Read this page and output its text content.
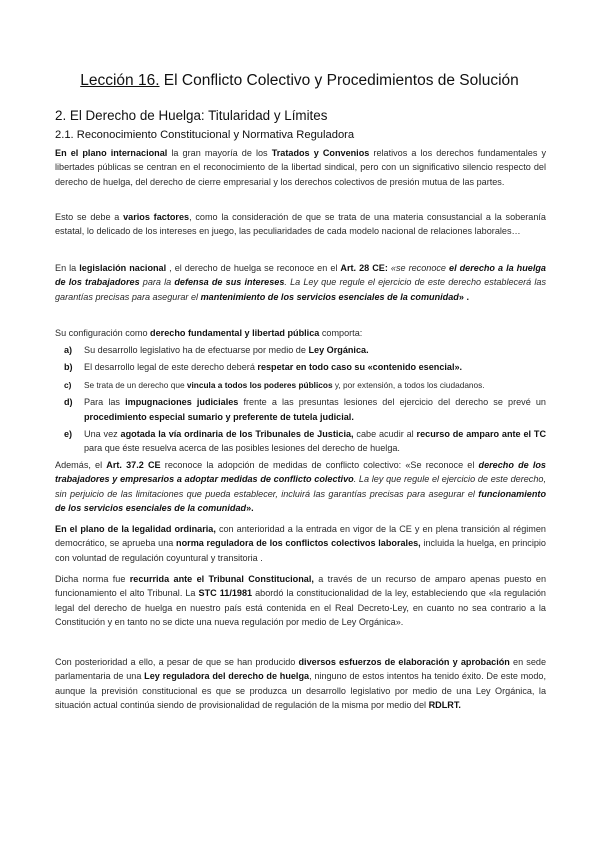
Lección 16. El Conflicto Colectivo y Procedimientos de Solución
2. El Derecho de Huelga: Titularidad y Límites
2.1. Reconocimiento Constitucional y Normativa Reguladora
En el plano internacional la gran mayoría de los Tratados y Convenios relativos a los derechos fundamentales y libertades públicas se centran en el reconocimiento de la libertad sindical, pero con un significativo silencio respecto del derecho de huelga, del derecho de cierre empresarial y los derechos colectivos de presión mutua de las partes.
Esto se debe a varios factores, como la consideración de que se trata de una materia consustancial a la soberanía estatal, lo delicado de los intereses en juego, las peculiaridades de cada modelo nacional de relaciones laborales…
En la legislación nacional , el derecho de huelga se reconoce en el Art. 28 CE: «se reconoce el derecho a la huelga de los trabajadores para la defensa de sus intereses. La Ley que regule el ejercicio de este derecho establecerá las garantías precisas para asegurar el mantenimiento de los servicios esenciales de la comunidad» .
Su configuración como derecho fundamental y libertad pública comporta:
a) Su desarrollo legislativo ha de efectuarse por medio de Ley Orgánica.
b) El desarrollo legal de este derecho deberá respetar en todo caso su «contenido esencial».
c) Se trata de un derecho que vincula a todos los poderes públicos y, por extensión, a todos los ciudadanos.
d) Para las impugnaciones judiciales frente a las presuntas lesiones del ejercicio del derecho se prevé un procedimiento especial sumario y preferente de tutela judicial.
e) Una vez agotada la vía ordinaria de los Tribunales de Justicia, cabe acudir al recurso de amparo ante el TC para que éste resuelva acerca de las posibles lesiones del derecho de huelga.
Además, el Art. 37.2 CE reconoce la adopción de medidas de conflicto colectivo: «Se reconoce el derecho de los trabajadores y empresarios a adoptar medidas de conflicto colectivo. La ley que regule el ejercicio de este derecho, sin perjuicio de las limitaciones que pueda establecer, incluirá las garantías precisas para asegurar el funcionamiento de los servicios esenciales de la comunidad».
En el plano de la legalidad ordinaria, con anterioridad a la entrada en vigor de la CE y en plena transición al régimen democrático, se aprueba una norma reguladora de los conflictos colectivos laborales, incluida la huelga, en principio con voluntad de regulación coyuntural y transitoria .
Dicha norma fue recurrida ante el Tribunal Constitucional, a través de un recurso de amparo apenas puesto en funcionamiento el alto Tribunal. La STC 11/1981 abordó la constitucionalidad de la ley, estableciendo que «la regulación legal del derecho de huelga en nuestro país está contenida en el Real Decreto-Ley, en cuanto no sea contrario a la Constitución y en tanto no se dicte una nueva regulación por medio de Ley Orgánica».
Con posterioridad a ello, a pesar de que se han producido diversos esfuerzos de elaboración y aprobación en sede parlamentaria de una Ley reguladora del derecho de huelga, ninguno de estos intentos ha tenido éxito. De este modo, aunque la previsión constitucional es que se produzca un desarrollo legislativo por medio de una Ley Orgánica, la situación actual continúa siendo de provisionalidad de regulación de la misma por medio del RDLRT.
